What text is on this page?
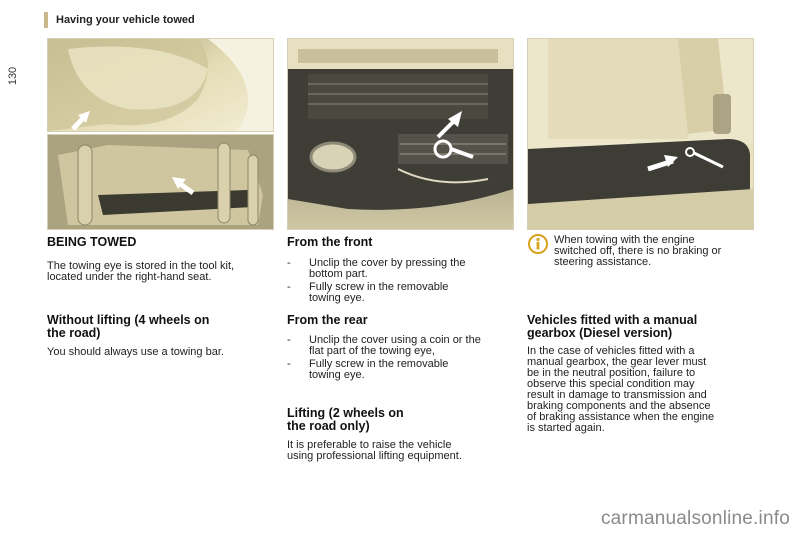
130
Having your vehicle towed
BEING TOWED
The towing eye is stored in the tool kit,
located under the right-hand seat.
Without lifting (4 wheels on
the road)
You should always use a towing bar.
From the front
- Unclip the cover by pressing the
bottom part.
- Fully screw in the removable
towing eye.
From the rear
- Unclip the cover using a coin or the
flat part of the towing eye,
- Fully screw in the removable
towing eye.
Lifting (2 wheels on
the road only)
It is preferable to raise the vehicle
using professional lifting equipment.
When towing with the engine
switched off, there is no braking or
steering assistance.
Vehicles fitted with a manual
gearbox (Diesel version)
In the case of vehicles fitted with a
manual gearbox, the gear lever must
be in the neutral position, failure to
observe this special condition may
result in damage to transmission and
braking components and the absence
of braking assistance when the engine
is started again.
carmanualsonline.info
